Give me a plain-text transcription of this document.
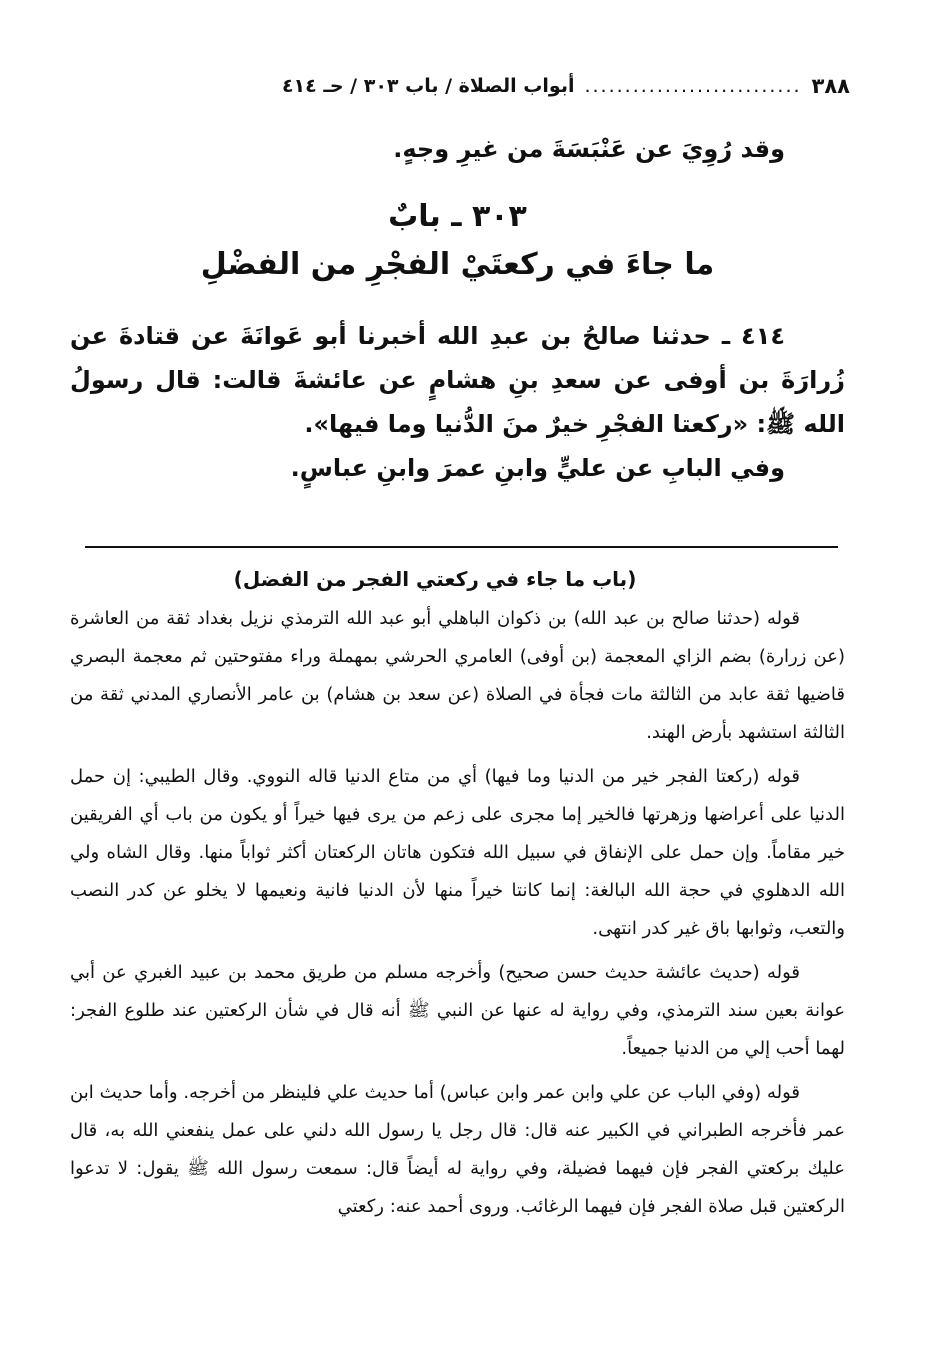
٣٨٨
...........................
أبواب الصلاة / باب ٣٠٣ / حـ ٤١٤

وقد رُوِيَ عن عَنْبَسَةَ من غيرِ وجهٍ.

٣٠٣ ـ بابٌ

ما جاءَ في ركعتَيْ الفجْرِ من الفضْلِ

٤١٤ ـ حدثنا صالحُ بن عبدِ الله أخبرنا أبو عَوانَةَ عن قتادةَ عن زُرارَةَ بن أوفى عن سعدِ بنِ هشامٍ عن عائشةَ قالت: قال رسولُ الله ﷺ: «ركعتا الفجْرِ خيرٌ منَ الدُّنيا وما فيها».

وفي البابِ عن عليٍّ وابنِ عمرَ وابنِ عباسٍ.

(باب ما جاء في ركعتي الفجر من الفضل)

قوله (حدثنا صالح بن عبد الله) بن ذكوان الباهلي أبو عبد الله الترمذي نزيل بغداد ثقة من العاشرة (عن زرارة) بضم الزاي المعجمة (بن أوفى) العامري الحرشي بمهملة وراء مفتوحتين ثم معجمة البصري قاضيها ثقة عابد من الثالثة مات فجأة في الصلاة (عن سعد بن هشام) بن عامر الأنصاري المدني ثقة من الثالثة استشهد بأرض الهند.

قوله (ركعتا الفجر خير من الدنيا وما فيها) أي من متاع الدنيا قاله النووي. وقال الطيبي: إن حمل الدنيا على أعراضها وزهرتها فالخير إما مجرى على زعم من يرى فيها خيراً أو يكون من باب أي الفريقين خير مقاماً. وإن حمل على الإنفاق في سبيل الله فتكون هاتان الركعتان أكثر ثواباً منها. وقال الشاه ولي الله الدهلوي في حجة الله البالغة: إنما كانتا خيراً منها لأن الدنيا فانية ونعيمها لا يخلو عن كدر النصب والتعب، وثوابها باق غير كدر انتهى.

قوله (حديث عائشة حديث حسن صحيح) وأخرجه مسلم من طريق محمد بن عبيد الغبري عن أبي عوانة بعين سند الترمذي، وفي رواية له عنها عن النبي ﷺ أنه قال في شأن الركعتين عند طلوع الفجر: لهما أحب إلي من الدنيا جميعاً.

قوله (وفي الباب عن علي وابن عمر وابن عباس) أما حديث علي فلينظر من أخرجه. وأما حديث ابن عمر فأخرجه الطبراني في الكبير عنه قال: قال رجل يا رسول الله دلني على عمل ينفعني الله به، قال عليك بركعتي الفجر فإن فيهما فضيلة، وفي رواية له أيضاً قال: سمعت رسول الله ﷺ يقول: لا تدعوا الركعتين قبل صلاة الفجر فإن فيهما الرغائب. وروى أحمد عنه: ركعتي
